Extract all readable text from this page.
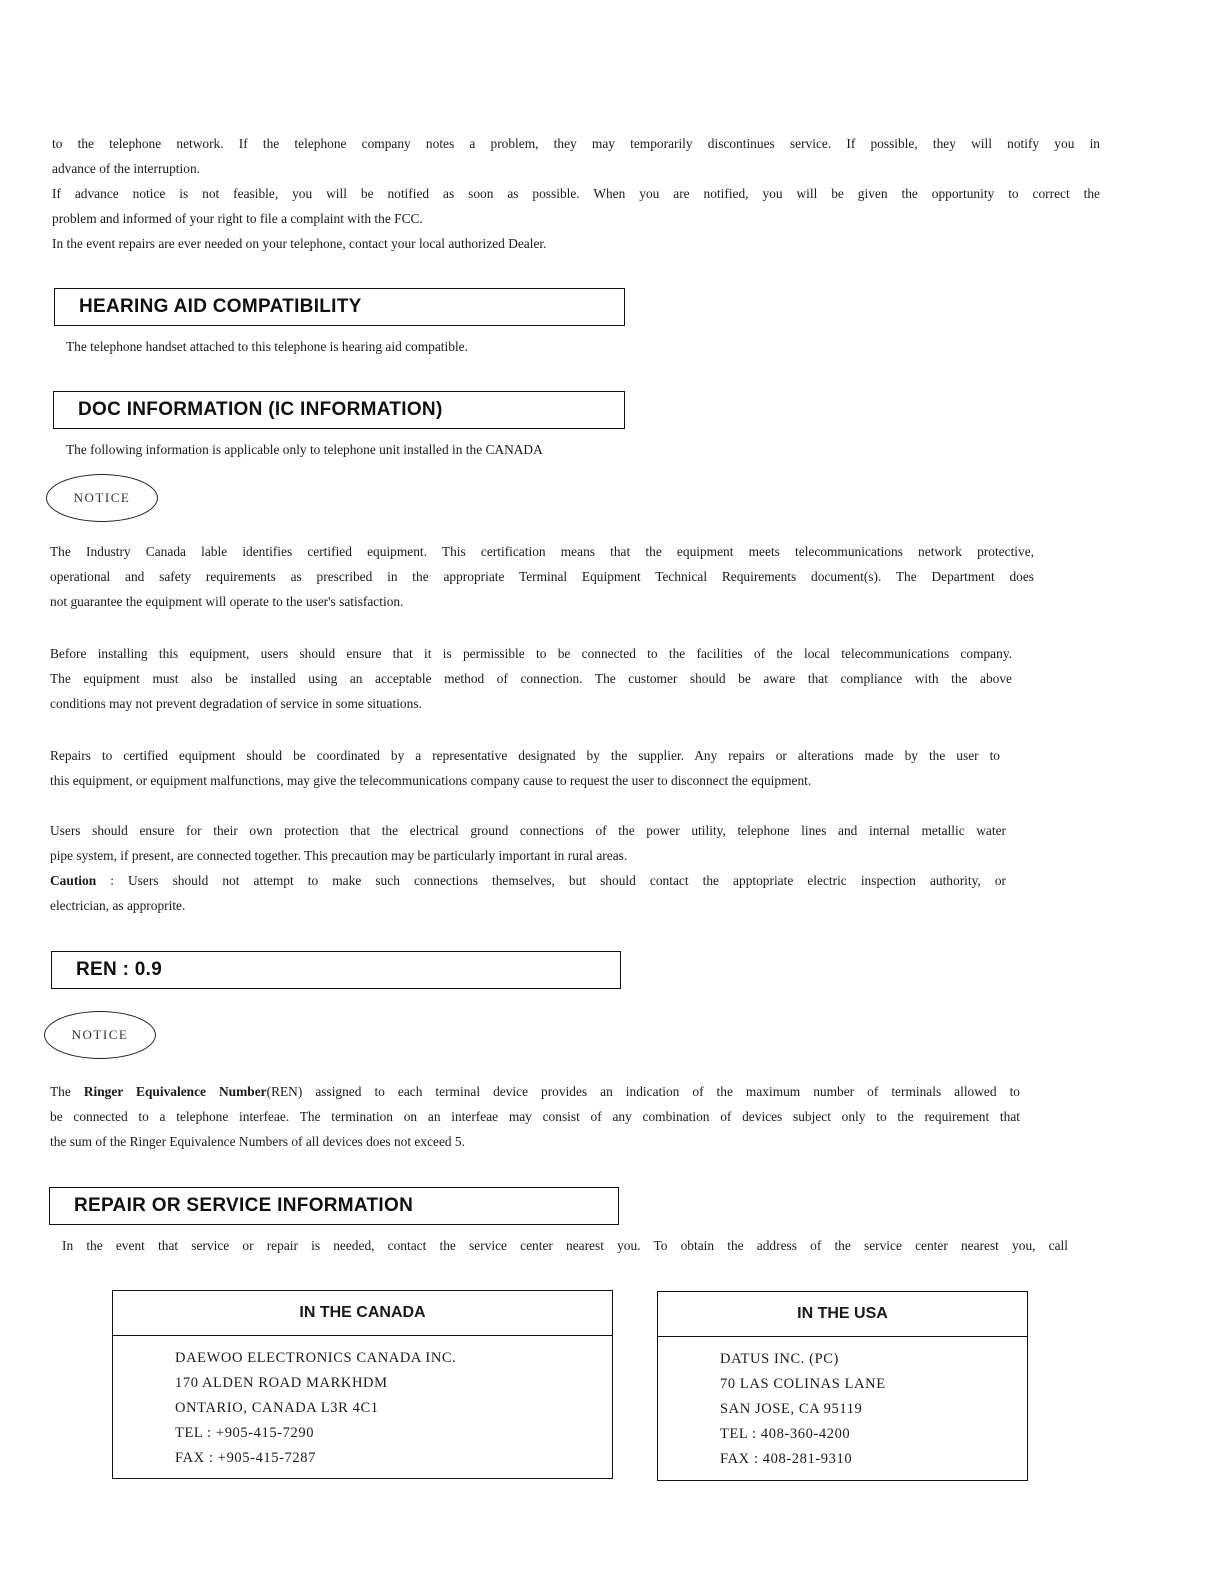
to the telephone network. If the telephone company notes a problem, they may temporarily discontinues service. If possible, they will notify you in
advance of the interruption.
If advance notice is not feasible, you will be notified as soon as possible. When you are notified, you will be given the opportunity to correct the
problem and informed of your right to file a complaint with the FCC.
In the event repairs are ever needed on your telephone, contact your local authorized Dealer.
HEARING AID COMPATIBILITY
The telephone handset attached to this telephone is hearing aid compatible.
DOC INFORMATION (IC INFORMATION)
The following information is applicable only to telephone unit installed in the CANADA
NOTICE
The Industry Canada lable identifies certified equipment. This certification means that the equipment meets telecommunications network protective,
operational and safety requirements as prescribed in the appropriate Terminal Equipment Technical Requirements document(s). The Department does
not guarantee the equipment will operate to the user's satisfaction.
Before installing this equipment, users should ensure that it is permissible to be connected to the facilities of the local telecommunications company.
The equipment must also be installed using an acceptable method of connection. The customer should be aware that compliance with the above
conditions may not prevent degradation of service in some situations.
Repairs to certified equipment should be coordinated by a representative designated by the supplier. Any repairs or alterations made by the user to
this equipment, or equipment malfunctions, may give the telecommunications company cause to request the user to disconnect the equipment.
Users should ensure for their own protection that the electrical ground connections of the power utility, telephone lines and internal metallic water
pipe system, if present, are connected together. This precaution may be particularly important in rural areas.
Caution : Users should not attempt to make such connections themselves, but should contact the apptopriate electric inspection authority, or
electrician, as approprite.
REN : 0.9
NOTICE
The Ringer Equivalence Number(REN) assigned to each terminal device provides an indication of the maximum number of terminals allowed to
be connected to a telephone interfeae. The termination on an interfeae may consist of any combination of devices subject only to the requirement that
the sum of the Ringer Equivalence Numbers of all devices does not exceed 5.
REPAIR OR SERVICE INFORMATION
In the event that service or repair is needed, contact the service center nearest you. To obtain the address of the service center nearest you, call
IN THE CANADA
DAEWOO ELECTRONICS CANADA INC.
170 ALDEN ROAD MARKHDM
ONTARIO, CANADA L3R 4C1
TEL : +905-415-7290
FAX : +905-415-7287
IN THE USA
DATUS INC. (PC)
70 LAS COLINAS LANE
SAN JOSE, CA 95119
TEL : 408-360-4200
FAX : 408-281-9310
